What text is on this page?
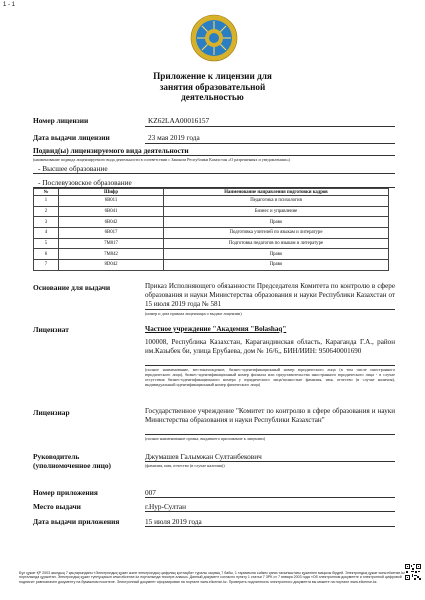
1 - 1
Приложение к лицензии для
занятия образовательной
деятельностью
Номер лицензии	KZ62LAA00016157
Дата выдачи лицензии	23 мая 2019 года
Подвид(ы) лицензируемого вида деятельности
(наименование подвида лицензируемого вида деятельности в соответствии с Законом Республики Казахстан «О разрешениях и уведомлениях»)
- Высшее образование
- Послевузовское образование
№	Шифр	Наименование направления подготовки кадров
1	6B011	Педагогика и психология
2	6B041	Бизнес и управление
3	6B042	Право
4	6B017	Подготовка учителей по языкам и литературе
5	7M017	Подготовка педагогов по языкам и литературе
6	7M042	Право
7	8D042	Право
Основание для выдачи	Приказ Исполняющего обязанности Председателя Комитета по контролю в сфере образования и науки Министерства образования и науки Республики Казахстан от 15 июля 2019 года № 581
(номер и дата приказа лицензиара о выдаче лицензии)
Лицензиат	Частное учреждение "Академия "Bolashaq"
100008, Республика Казахстан, Карагандинская область, Караганда Г.А., район им.Казыбек би, улица Ерубаева, дом № 16/6,, БИН/ИИН: 950640001690
(полное наименование, местонахождение, бизнес-идентификационный номер юридического лица (в том числе иностранного юридического лица), бизнес-идентификационный номер филиала или представительства иностранного юридического лица - в случае отсутствия бизнес-идентификационного номера у юридического лица/полностью фамилия, имя, отчество (в случае наличия), индивидуальный идентификационный номер физического лица)
Лицензиар	Государственное учреждение "Комитет по контролю в сфере образования и науки Министерства образования и науки Республики Казахстан"
(полное наименование органа, выдавшего приложение к лицензии)
Руководитель
(уполномоченное лицо)
Джумашев Галымжан Султанбекович
(фамилия, имя, отчество (в случае наличия))
Номер приложения	007
Место выдачи	г.Нур-Султан
Дата выдачи приложения	15 июля 2019 года
Бұл құжат ҚР 2003 жылдың 7 қаңтарындағы «Электрондық құжат және электрондық цифрлық қолтаңба» туралы заңның 7 бабы, 1 тармағына сәйкес қағаз тасығыштағы құжатпен маңызы бірдей. Электрондық құжат www.elicense.kz порталында құрылған. Электрондық құжат түпнұсқасын www.elicense.kz порталында тексере аласыз. Данный документ согласно пункту 1 статьи 7 ЗРК от 7 января 2003 года «Об электронном документе и электронной цифровой подписи» равнозначен документу на бумажном носителе. Электронный документ сформирован на портале www.elicense.kz. Проверить подлинность электронного документа вы можете на портале www.elicense.kz.
